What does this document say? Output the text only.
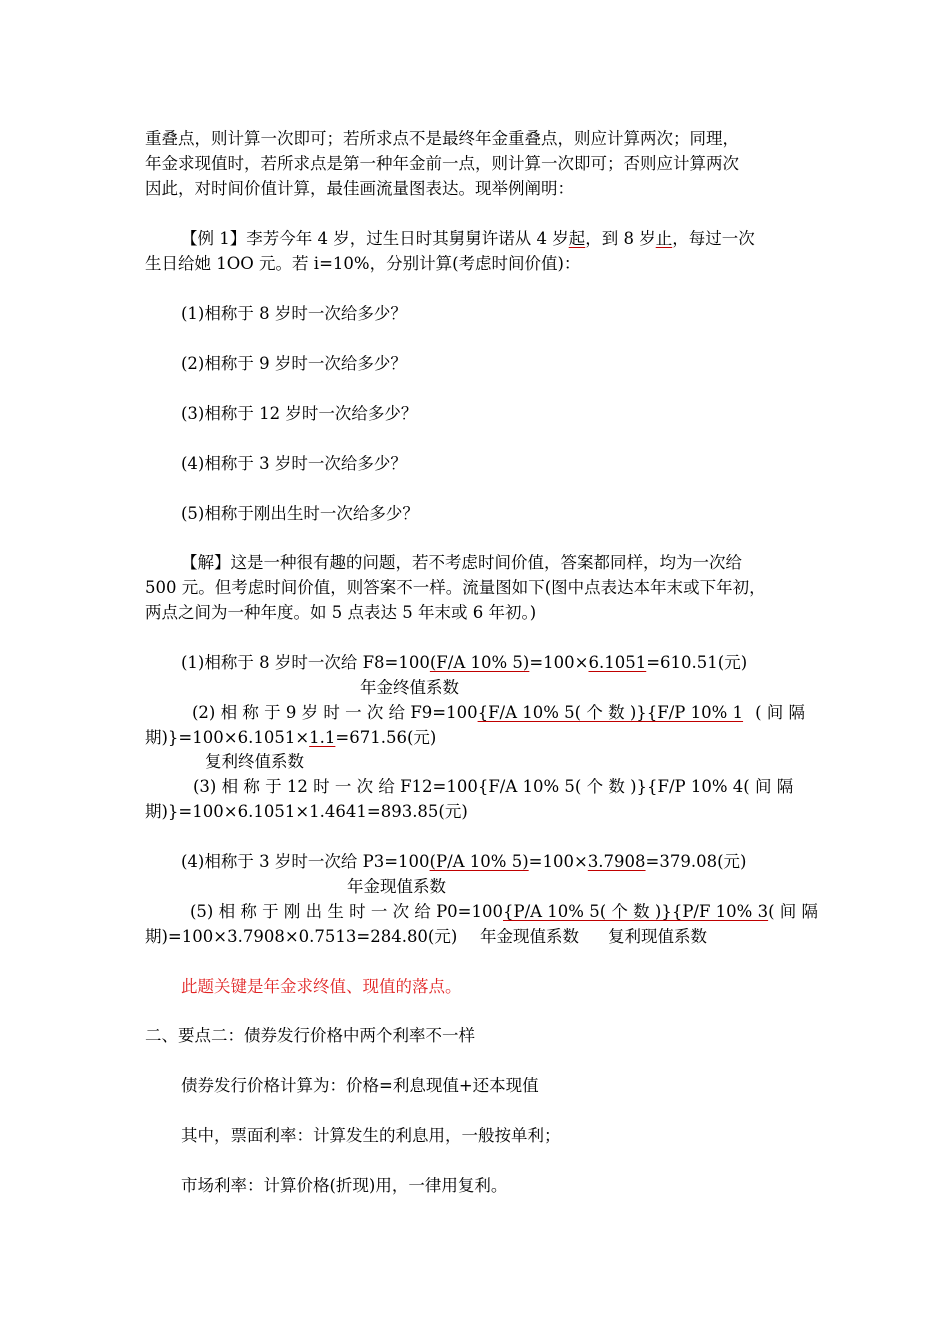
重叠点，则计算一次即可；若所求点不是最终年金重叠点，则应计算两次；同理，
年金求现值时，若所求点是第一种年金前一点，则计算一次即可；否则应计算两次
因此，对时间价值计算，最佳画流量图表达。现举例阐明：
【例 1】李芳今年 4 岁，过生日时其舅舅许诺从 4 岁起，到 8 岁止，每过一次
生日给她 1OO 元。若 i=10%，分别计算(考虑时间价值)：
(1)相称于 8 岁时一次给多少？
(2)相称于 9 岁时一次给多少？
(3)相称于 12 岁时一次给多少？
(4)相称于 3 岁时一次给多少？
(5)相称于刚出生时一次给多少？
【解】这是一种很有趣的问题，若不考虑时间价值，答案都同样，均为一次给
500 元。但考虑时间价值，则答案不一样。流量图如下(图中点表达本年末或下年初，
两点之间为一种年度。如 5 点表达 5 年末或 6 年初。)
(1)相称于 8 岁时一次给 F8=100(F/A 10% 5)=100×6.1051=610.51(元)
年金终值系数
(2) 相 称 于 9 岁 时 一 次 给 F9=100{F/A 10% 5( 个 数 )}{F/P 10% 1 ( 间 隔
期)}=100×6.1051×1.1=671.56(元)
复利终值系数
(3) 相 称 于 12 时 一 次 给 F12=100{F/A 10% 5( 个 数 )}{F/P 10% 4( 间 隔
期)}=100×6.1051×1.4641=893.85(元)
(4)相称于 3 岁时一次给 P3=100(P/A 10% 5)=100×3.7908=379.08(元)
年金现值系数
(5) 相 称 于 刚 出 生 时 一 次 给 P0=100{P/A 10% 5( 个 数 )}{P/F 10% 3 ( 间 隔
期)=100×3.7908×0.7513=284.80(元) 年金现值系数 复利现值系数
此题关键是年金求终值、现值的落点。
二、要点二：债券发行价格中两个利率不一样
债券发行价格计算为：价格=利息现值+还本现值
其中，票面利率：计算发生的利息用，一般按单利；
市场利率：计算价格(折现)用，一律用复利。
